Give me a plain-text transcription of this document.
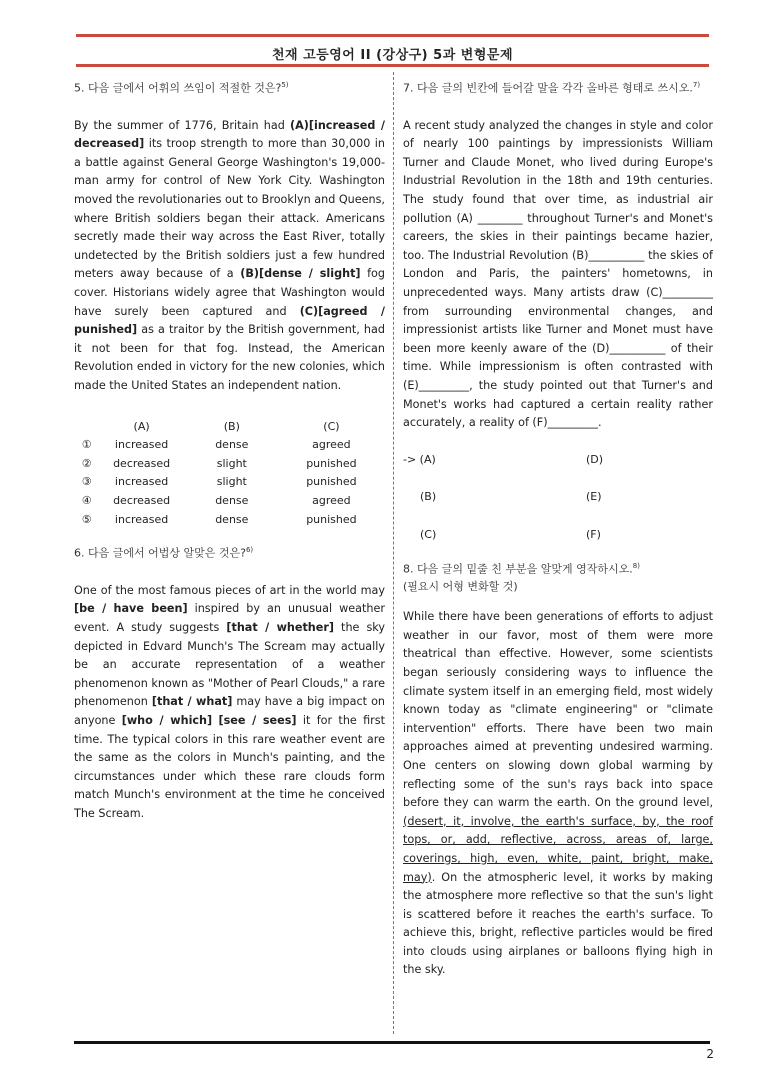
천재 고등영어 II (강상구) 5과 변형문제

5. 다음 글에서 어휘의 쓰임이 적절한 것은?$^{5)}$

By the summer of 1776, Britain had (A)[increased / decreased] its troop strength to more than 30,000 in a battle against General George Washington's 19,000-man army for control of New York City. Washington moved the revolutionaries out to Brooklyn and Queens, where British soldiers began their attack. Americans secretly made their way across the East River, totally undetected by the British soldiers just a few hundred meters away because of a (B)[dense / slight] fog cover. Historians widely agree that Washington would have surely been captured and (C)[agreed / punished] as a traitor by the British government, had it not been for that fog. Instead, the American Revolution ended in victory for the new colonies, which made the United States an independent nation.

	(A)	(B)	(C)
①	increased	dense	agreed
②	decreased	slight	punished
③	increased	slight	punished
④	decreased	dense	agreed
⑤	increased	dense	punished

6. 다음 글에서 어법상 알맞은 것은?$^{6)}$

One of the most famous pieces of art in the world may [be / have been] inspired by an unusual weather event. A study suggests [that / whether] the sky depicted in Edvard Munch's The Scream may actually be an accurate representation of a weather phenomenon known as "Mother of Pearl Clouds," a rare phenomenon [that / what] may have a big impact on anyone [who / which] [see / sees] it for the first time. The typical colors in this rare weather event are the same as the colors in Munch's painting, and the circumstances under which these rare clouds form match Munch's environment at the time he conceived The Scream.

7. 다음 글의 빈칸에 들어갈 말을 각각 올바른 형태로 쓰시오.$^{7)}$

A recent study analyzed the changes in style and color of nearly 100 paintings by impressionists William Turner and Claude Monet, who lived during Europe's Industrial Revolution in the 18th and 19th centuries. The study found that over time, as industrial air pollution (A) ________ throughout Turner's and Monet's careers, the skies in their paintings became hazier, too. The Industrial Revolution (B)__________ the skies of London and Paris, the painters' hometowns, in unprecedented ways. Many artists draw (C)_________ from surrounding environmental changes, and impressionist artists like Turner and Monet must have been more keenly aware of the (D)__________ of their time. While impressionism is often contrasted with (E)_________, the study pointed out that Turner's and Monet's works had captured a certain reality rather accurately, a reality of (F)_________.

-> (A)	(D)
(B)	(E)
(C)	(F)

8. 다음 글의 밑줄 친 부분을 알맞게 영작하시오.$^{8)}$

(필요시 어형 변화할 것)

While there have been generations of efforts to adjust weather in our favor, most of them were more theatrical than effective. However, some scientists began seriously considering ways to influence the climate system itself in an emerging field, most widely known today as "climate engineering" or "climate intervention" efforts. There have been two main approaches aimed at preventing undesired warming. One centers on slowing down global warming by reflecting some of the sun's rays back into space before they can warm the earth. On the ground level, (desert, it, involve, the earth's surface, by, the roof tops, or, add, reflective, across, areas of, large, coverings, high, even, white, paint, bright, make, may). On the atmospheric level, it works by making the atmosphere more reflective so that the sun's light is scattered before it reaches the earth's surface. To achieve this, bright, reflective particles would be fired into clouds using airplanes or balloons flying high in the sky.

2
